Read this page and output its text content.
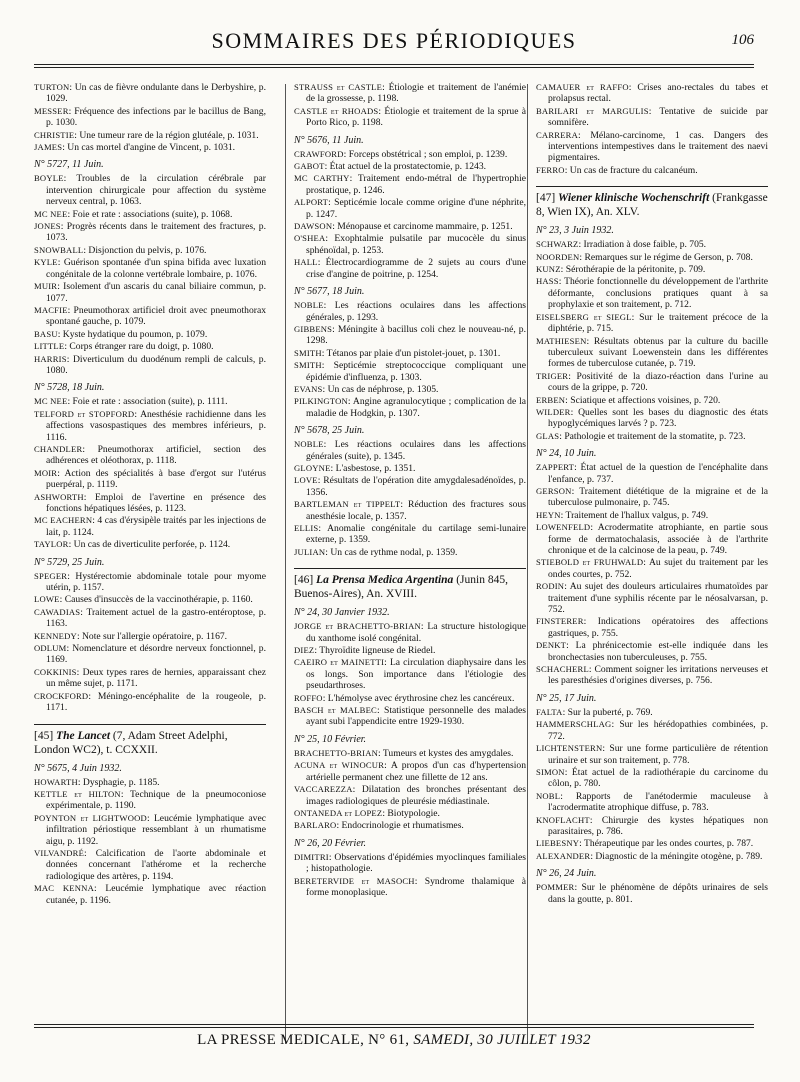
SOMMAIRES DES PÉRIODIQUES	106
TURTON: Un cas de fièvre ondulante dans le Derbyshire, p. 1029.
MESSER: Fréquence des infections par le bacillus de Bang, p. 1030.
CHRISTIE: Une tumeur rare de la région glutéale, p. 1031.
JAMES: Un cas mortel d'angine de Vincent, p. 1031.
N° 5727, 11 Juin.
BOYLE: Troubles de la circulation cérébrale par intervention chirurgicale pour affection du système nerveux central, p. 1063.
MC NEE: Foie et rate : associations (suite), p. 1068.
JONES: Progrès récents dans le traitement des fractures, p. 1073.
SNOWBALL: Disjonction du pelvis, p. 1076.
KYLE: Guérison spontanée d'un spina bifida avec luxation congénitale de la colonne vertébrale lombaire, p. 1076.
MUIR: Isolement d'un ascaris du canal biliaire commun, p. 1077.
MACFIE: Pneumothorax artificiel droit avec pneumothorax spontané gauche, p. 1079.
BASU: Kyste hydatique du poumon, p. 1079.
LITTLE: Corps étranger rare du doigt, p. 1080.
HARRIS: Diverticulum du duodénum rempli de calculs, p. 1080.
N° 5728, 18 Juin.
MC NEE: Foie et rate : association (suite), p. 1111.
TELFORD et STOPFORD: Anesthésie rachidienne dans les affections vasospastiques des membres inférieurs, p. 1116.
CHANDLER: Pneumothorax artificiel, section des adhérences et oléothorax, p. 1118.
MOIR: Action des spécialités à base d'ergot sur l'utérus puerpéral, p. 1119.
ASHWORTH: Emploi de l'avertine en présence des fonctions hépatiques lésées, p. 1123.
MC EACHERN: 4 cas d'érysipèle traités par les injections de lait, p. 1124.
TAYLOR: Un cas de diverticulite perforée, p. 1124.
N° 5729, 25 Juin.
SPEGER: Hystérectomie abdominale totale pour myome utérin, p. 1157.
LOWE: Causes d'insuccès de la vaccinothérapie, p. 1160.
CAWADIAS: Traitement actuel de la gastro-entéroptose, p. 1163.
KENNEDY: Note sur l'allergie opératoire, p. 1167.
ODLUM: Nomenclature et désordre nerveux fonctionnel, p. 1169.
COKKINIS: Deux types rares de hernies, apparaissant chez un même sujet, p. 1171.
CROCKFORD: Méningo-encéphalite de la rougeole, p. 1171.
[45] The Lancet (7, Adam Street Adelphi, London WC2), t. CCXXII.
N° 5675, 4 Juin 1932.
HOWARTH: Dysphagie, p. 1185.
KETTLE et HILTON: Technique de la pneumoconiose expérimentale, p. 1190.
POYNTON et LIGHTWOOD: Leucémie lymphatique avec infiltration périostique ressemblant à un rhumatisme aigu, p. 1192.
VILVANDRÉ: Calcification de l'aorte abdominale et données concernant l'athérome et la recherche radiologique des artères, p. 1194.
MAC KENNA: Leucémie lymphatique avec réaction cutanée, p. 1196.
STRAUSS et CASTLE: Étiologie et traitement de l'anémie de la grossesse, p. 1198.
CASTLE et RHOADS: Étiologie et traitement de la sprue à Porto Rico, p. 1198.
N° 5676, 11 Juin.
CRAWFORD: Forceps obstétrical ; son emploi, p. 1239.
GABOT: État actuel de la prostatectomie, p. 1243.
MC CARTHY: Traitement endo-métral de l'hypertrophie prostatique, p. 1246.
ALPORT: Septicémie locale comme origine d'une néphrite, p. 1247.
DAWSON: Ménopause et carcinome mammaire, p. 1251.
O'SHEA: Exophtalmie pulsatile par mucocèle du sinus sphénoïdal, p. 1253.
HALL: Électrocardiogramme de 2 sujets au cours d'une crise d'angine de poitrine, p. 1254.
N° 5677, 18 Juin.
NOBLE: Les réactions oculaires dans les affections générales, p. 1293.
GIBBENS: Méningite à bacillus coli chez le nouveau-né, p. 1298.
SMITH: Tétanos par plaie d'un pistolet-jouet, p. 1301.
SMITH: Septicémie streptococcique compliquant une épidémie d'influenza, p. 1303.
EVANS: Un cas de néphrose, p. 1305.
PILKINGTON: Angine agranulocytique ; complication de la maladie de Hodgkin, p. 1307.
N° 5678, 25 Juin.
NOBLE: Les réactions oculaires dans les affections générales (suite), p. 1345.
GLOYNE: L'asbestose, p. 1351.
LOVE: Résultats de l'opération dite amygdalesadénoïdes, p. 1356.
BARTLEMAN et TIPPELT: Réduction des fractures sous anesthésie locale, p. 1357.
ELLIS: Anomalie congénitale du cartilage semi-lunaire externe, p. 1359.
JULIAN: Un cas de rythme nodal, p. 1359.
[46] La Prensa Medica Argentina (Junin 845, Buenos-Aires), An. XVIII.
N° 24, 30 Janvier 1932.
JORGE et BRACHETTO-BRIAN: La structure histologique du xanthome isolé congénital.
DIEZ: Thyroïdite ligneuse de Riedel.
CAEIRO et MAINETTI: La circulation diaphysaire dans les os longs. Son importance dans l'étiologie des pseudarthroses.
ROFFO: L'hémolyse avec érythrosine chez les cancéreux.
BASCH et MALBEC: Statistique personnelle des malades ayant subi l'appendicite entre 1929-1930.
N° 25, 10 Février.
BRACHETTO-BRIAN: Tumeurs et kystes des amygdales.
ACUNA et WINOCUR: A propos d'un cas d'hypertension artérielle permanent chez une fillette de 12 ans.
VACCAREZZA: Dilatation des bronches présentant des images radiologiques de pleurésie médiastinale.
ONTANEDA et LOPEZ: Biotypologie.
BARLARO: Endocrinologie et rhumatismes.
N° 26, 20 Février.
DIMITRI: Observations d'épidémies myoclinques familiales ; histopathologie.
BERETERVIDE et MASOCH: Syndrome thalamique à forme monoplasique.
CAMAUER et RAFFO: Crises ano-rectales du tabes et prolapsus rectal.
BARILARI et MARGULIS: Tentative de suicide par somnifère.
CARRERA: Mélano-carcinome, 1 cas. Dangers des interventions intempestives dans le traitement des naevi pigmentaires.
FERRO: Un cas de fracture du calcanéum.
[47] Wiener klinische Wochenschrift (Frankgasse 8, Wien IX), An. XLV.
N° 23, 3 Juin 1932.
SCHWARZ: Irradiation à dose faible, p. 705.
NOORDEN: Remarques sur le régime de Gerson, p. 708.
KUNZ: Sérothérapie de la péritonite, p. 709.
HASS: Théorie fonctionnelle du développement de l'arthrite déformante, conclusions pratiques quant à sa prophylaxie et son traitement, p. 712.
EISELSBERG et SIEGL: Sur le traitement précoce de la diphtérie, p. 715.
MATHIESEN: Résultats obtenus par la culture du bacille tuberculeux suivant Loewenstein dans les différentes formes de tuberculose cutanée, p. 719.
TRIGER: Positivité de la diazo-réaction dans l'urine au cours de la grippe, p. 720.
ERBEN: Sciatique et affections voisines, p. 720.
WILDER: Quelles sont les bases du diagnostic des états hypoglycémiques larvés ? p. 723.
GLAS: Pathologie et traitement de la stomatite, p. 723.
N° 24, 10 Juin.
ZAPPERT: État actuel de la question de l'encéphalite dans l'enfance, p. 737.
GERSON: Traitement diététique de la migraine et de la tuberculose pulmonaire, p. 745.
HEYN: Traitement de l'hallux valgus, p. 749.
LOWENFELD: Acrodermatite atrophiante, en partie sous forme de dermatochalasis, associée à de l'arthrite chronique et de la calcinose de la peau, p. 749.
STIEBOLD et FRUHWALD: Au sujet du traitement par les ondes courtes, p. 752.
RODIN: Au sujet des douleurs articulaires rhumatoïdes par traitement d'une syphilis récente par le néosalvarsan, p. 752.
FINSTERER: Indications opératoires des affections gastriques, p. 755.
DENKT: La phrénicectomie est-elle indiquée dans les bronchectasies non tuberculeuses, p. 755.
SCHACHERL: Comment soigner les irritations nerveuses et les paresthésies d'origines diverses, p. 756.
N° 25, 17 Juin.
FALTA: Sur la puberté, p. 769.
HAMMERSCHLAG: Sur les hérédopathies combinées, p. 772.
LICHTENSTERN: Sur une forme particulière de rétention urinaire et sur son traitement, p. 778.
SIMON: État actuel de la radiothérapie du carcinome du côlon, p. 780.
NOBL: Rapports de l'anétodermie maculeuse à l'acrodermatite atrophique diffuse, p. 783.
KNOFLACHT: Chirurgie des kystes hépatiques non parasitaires, p. 786.
LIEBESNY: Thérapeutique par les ondes courtes, p. 787.
ALEXANDER: Diagnostic de la méningite otogène, p. 789.
N° 26, 24 Juin.
POMMER: Sur le phénomène de dépôts urinaires de sels dans la goutte, p. 801.
LA PRESSE MEDICALE, N° 61, SAMEDI, 30 JUILLET 1932
